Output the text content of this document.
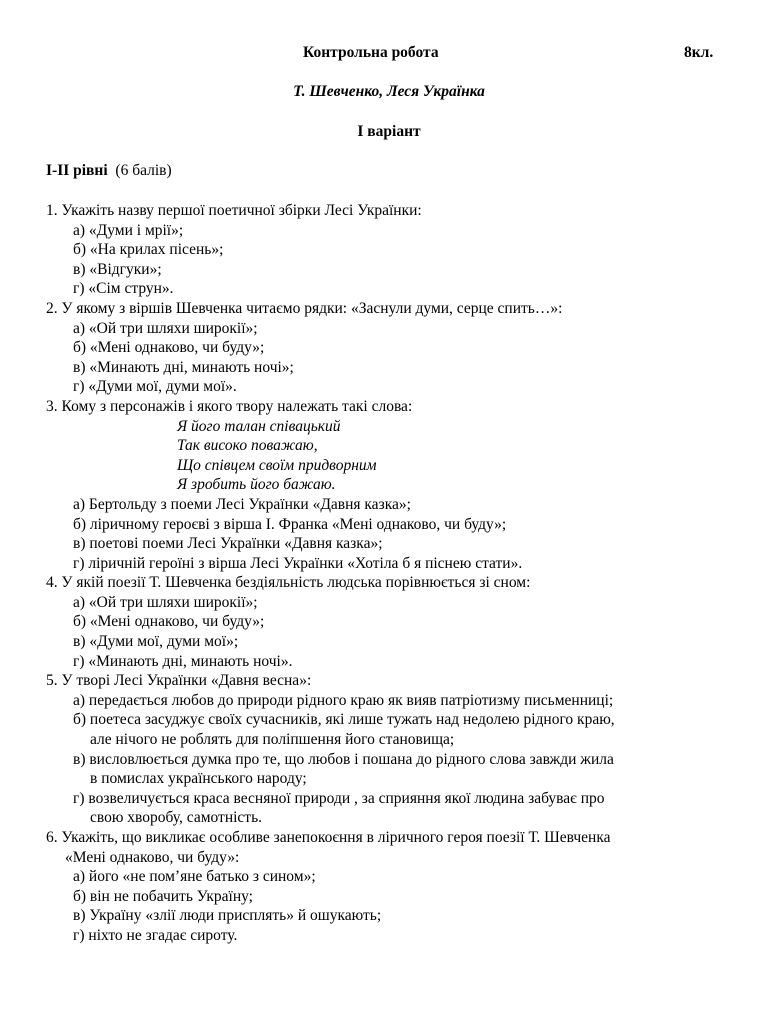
Контрольна робота	8кл.
Т. Шевченко, Леся Українка
І варіант
І-ІІ рівні (6 балів)
1. Укажіть назву першої поетичної збірки Лесі Українки:
а) «Думи і мрії»;
б) «На крилах пісень»;
в) «Відгуки»;
г) «Сім струн».
2. У якому з віршів Шевченка читаємо рядки: «Заснули думи, серце спить…»:
а) «Ой три шляхи широкії»;
б) «Мені однаково, чи буду»;
в) «Минають дні, минають ночі»;
г) «Думи мої, думи мої».
3. Кому з персонажів і якого твору належать такі слова:
Я його талан співацький
Так високо поважаю,
Що співцем своїм придворним
Я зробить його бажаю.
а) Бертольду з поеми Лесі Українки «Давня казка»;
б) ліричному героєві з вірша І. Франка «Мені однаково, чи буду»;
в) поетові поеми Лесі Українки «Давня казка»;
г) ліричній героїні з вірша Лесі Українки «Хотіла б я піснею стати».
4. У якій поезії Т. Шевченка бездіяльність людська порівнюється зі сном:
а) «Ой три шляхи широкії»;
б) «Мені однаково, чи буду»;
в) «Думи мої, думи мої»;
г) «Минають дні, минають ночі».
5. У творі Лесі Українки «Давня весна»:
а) передається любов до природи рідного краю як вияв патріотизму письменниці;
б) поетеса засуджує своїх сучасників, які лише тужать над недолею рідного краю,
але нічого не роблять для поліпшення його становища;
в) висловлюється думка про те, що любов і пошана до рідного слова завжди жила
в помислах українського народу;
г) возвеличується краса весняної природи , за сприяння якої людина забуває про
свою хворобу, самотність.
6. Укажіть, що викликає особливе занепокоєння в ліричного героя поезії Т. Шевченка
«Мені однаково, чи буду»:
а) його «не пом’яне батько з сином»;
б) він не побачить Україну;
в) Україну «злії люди присплять» й ошукають;
г) ніхто не згадає сироту.
